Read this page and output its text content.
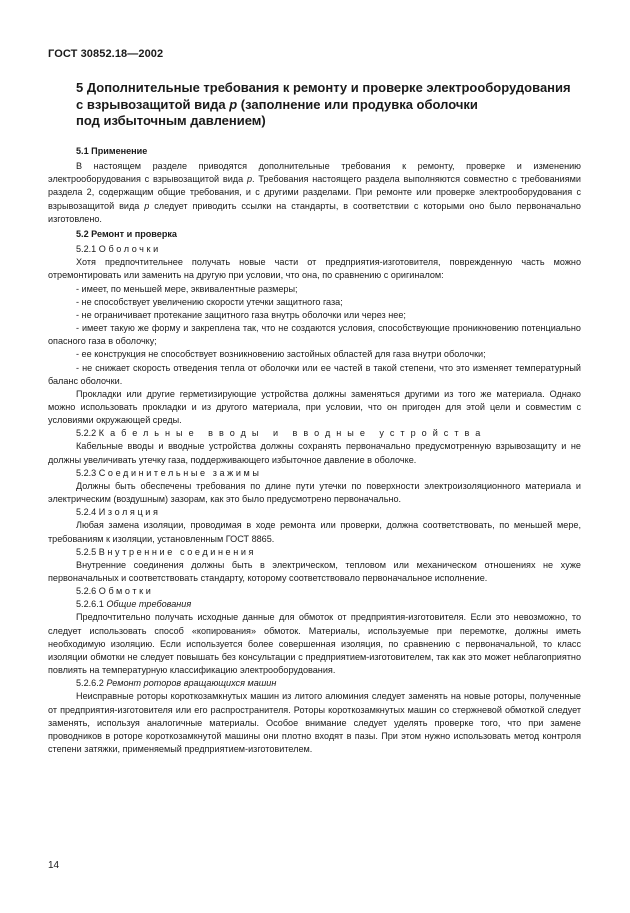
ГОСТ 30852.18—2002
5 Дополнительные требования к ремонту и проверке электрооборудования
с взрывозащитой вида p (заполнение или продувка оболочки
под избыточным давлением)

5.1 Применение

В настоящем разделе приводятся дополнительные требования к ремонту, проверке и изменению электрооборудования с взрывозащитой вида p. Требования настоящего раздела выполняются совместно с требованиями раздела 2, содержащим общие требования, и с другими разделами. При ремонте или проверке электрооборудования с взрывозащитой вида p следует приводить ссылки на стандарты, в соответствии с которыми оно было первоначально изготовлено.

5.2 Ремонт и проверка

5.2.1 Оболочки

Хотя предпочтительнее получать новые части от предприятия-изготовителя, поврежденную часть можно отремонтировать или заменить на другую при условии, что она, по сравнению с оригиналом:

- имеет, по меньшей мере, эквивалентные размеры;

- не способствует увеличению скорости утечки защитного газа;

- не ограничивает протекание защитного газа внутрь оболочки или через нее;

- имеет такую же форму и закреплена так, что не создаются условия, способствующие проникновению потенциально опасного газа в оболочку;

- ее конструкция не способствует возникновению застойных областей для газа внутри оболочки;

- не снижает скорость отведения тепла от оболочки или ее частей в такой степени, что это изменяет температурный баланс оболочки.

Прокладки или другие герметизирующие устройства должны заменяться другими из того же материала. Однако можно использовать прокладки и из другого материала, при условии, что он пригоден для этой цели и совместим с условиями окружающей среды.

5.2.2 Кабельные вводы и вводные устройства

Кабельные вводы и вводные устройства должны сохранять первоначально предусмотренную взрывозащиту и не должны увеличивать утечку газа, поддерживающего избыточное давление в оболочке.

5.2.3 Соединительные зажимы

Должны быть обеспечены требования по длине пути утечки по поверхности электроизоляционного материала и электрическим (воздушным) зазорам, как это было предусмотрено первоначально.

5.2.4 Изоляция

Любая замена изоляции, проводимая в ходе ремонта или проверки, должна соответствовать, по меньшей мере, требованиям к изоляции, установленным ГОСТ 8865.

5.2.5 Внутренние соединения

Внутренние соединения должны быть в электрическом, тепловом или механическом отношениях не хуже первоначальных и соответствовать стандарту, которому соответствовало первоначальное исполнение.

5.2.6 Обмотки

5.2.6.1 Общие требования

Предпочтительно получать исходные данные для обмоток от предприятия-изготовителя. Если это невозможно, то следует использовать способ «копирования» обмоток. Материалы, используемые при перемотке, должны иметь необходимую изоляцию. Если используется более совершенная изоляция, по сравнению с первоначальной, то класс изоляции обмотки не следует повышать без консультации с предприятием-изготовителем, так как это может неблагоприятно повлиять на температурную классификацию электрооборудования.

5.2.6.2 Ремонт роторов вращающихся машин

Неисправные роторы короткозамкнутых машин из литого алюминия следует заменять на новые роторы, полученные от предприятия-изготовителя или его распространителя. Роторы короткозамкнутых машин со стержневой обмоткой следует заменять, используя аналогичные материалы. Особое внимание следует уделять проверке того, что при замене проводников в роторе короткозамкнутой машины они плотно входят в пазы. При этом нужно использовать метод контроля степени затяжки, применяемый предприятием-изготовителем.

14
